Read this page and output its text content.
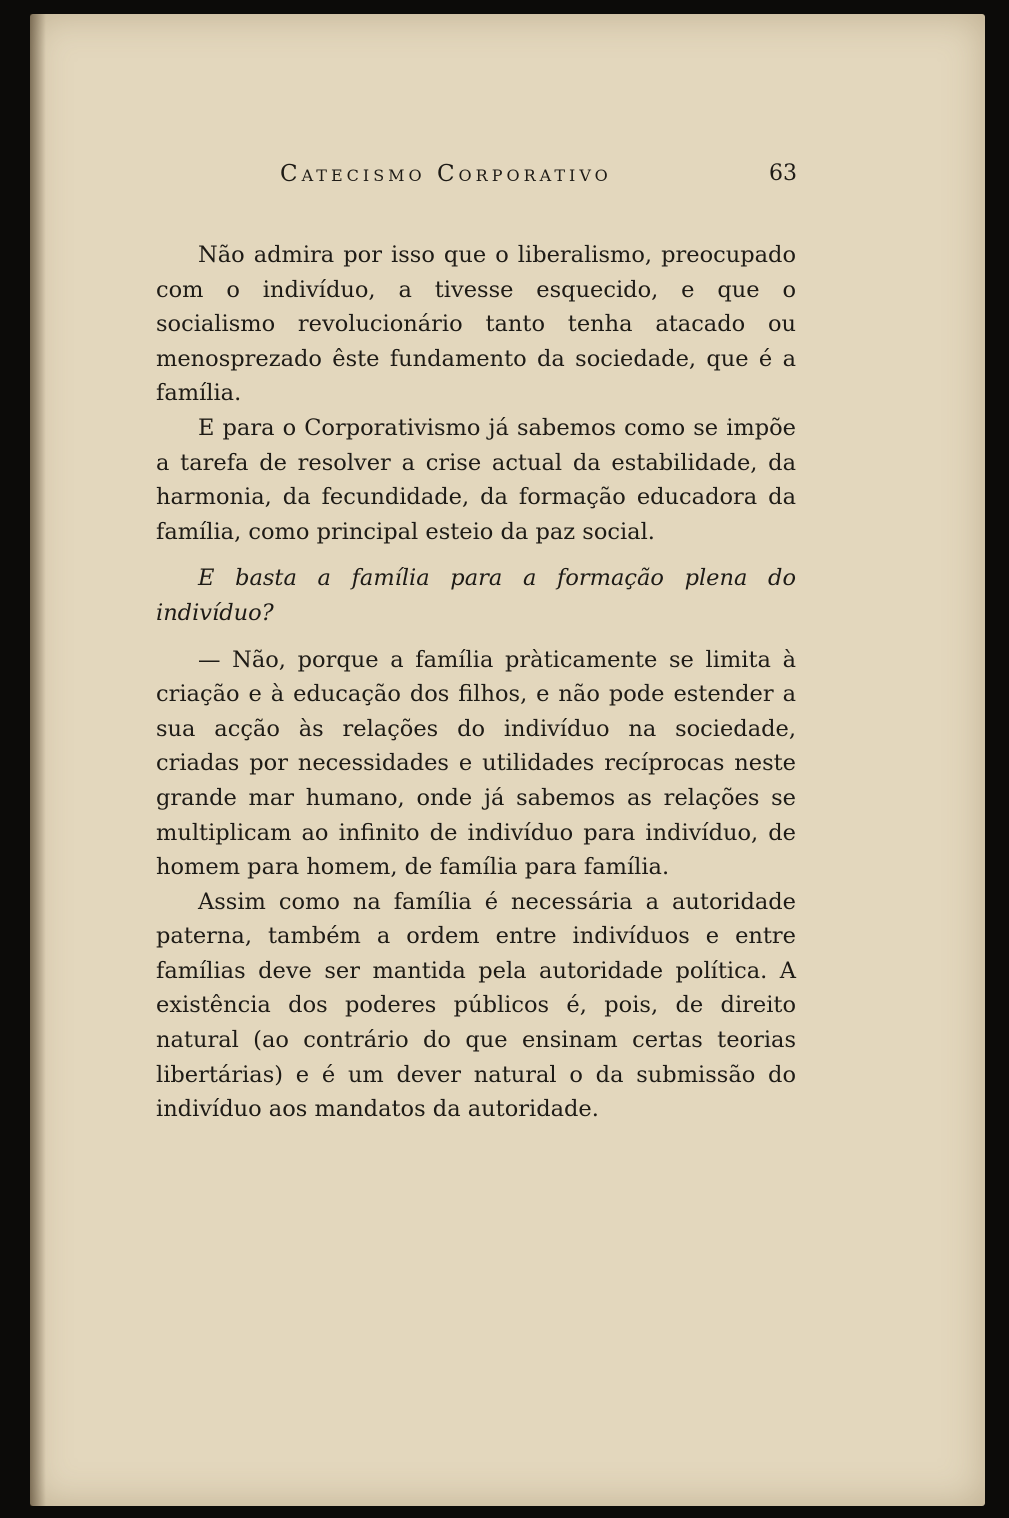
Catecismo Corporativo	63

Não admira por isso que o liberalismo, preocupado com o indivíduo, a tivesse esquecido, e que o socialismo revolucionário tanto tenha atacado ou menosprezado êste fundamento da sociedade, que é a família.

E para o Corporativismo já sabemos como se impõe a tarefa de resolver a crise actual da estabilidade, da harmonia, da fecundidade, da formação educadora da família, como principal esteio da paz social.

E basta a família para a formação plena do indivíduo?

— Não, porque a família pràticamente se limita à criação e à educação dos filhos, e não pode estender a sua acção às relações do indivíduo na sociedade, criadas por necessidades e utilidades recíprocas neste grande mar humano, onde já sabemos as relações se multiplicam ao infinito de indivíduo para indivíduo, de homem para homem, de família para família.

Assim como na família é necessária a autoridade paterna, também a ordem entre indivíduos e entre famílias deve ser mantida pela autoridade política. A existência dos poderes públicos é, pois, de direito natural (ao contrário do que ensinam certas teorias libertárias) e é um dever natural o da submissão do indivíduo aos mandatos da autoridade.
